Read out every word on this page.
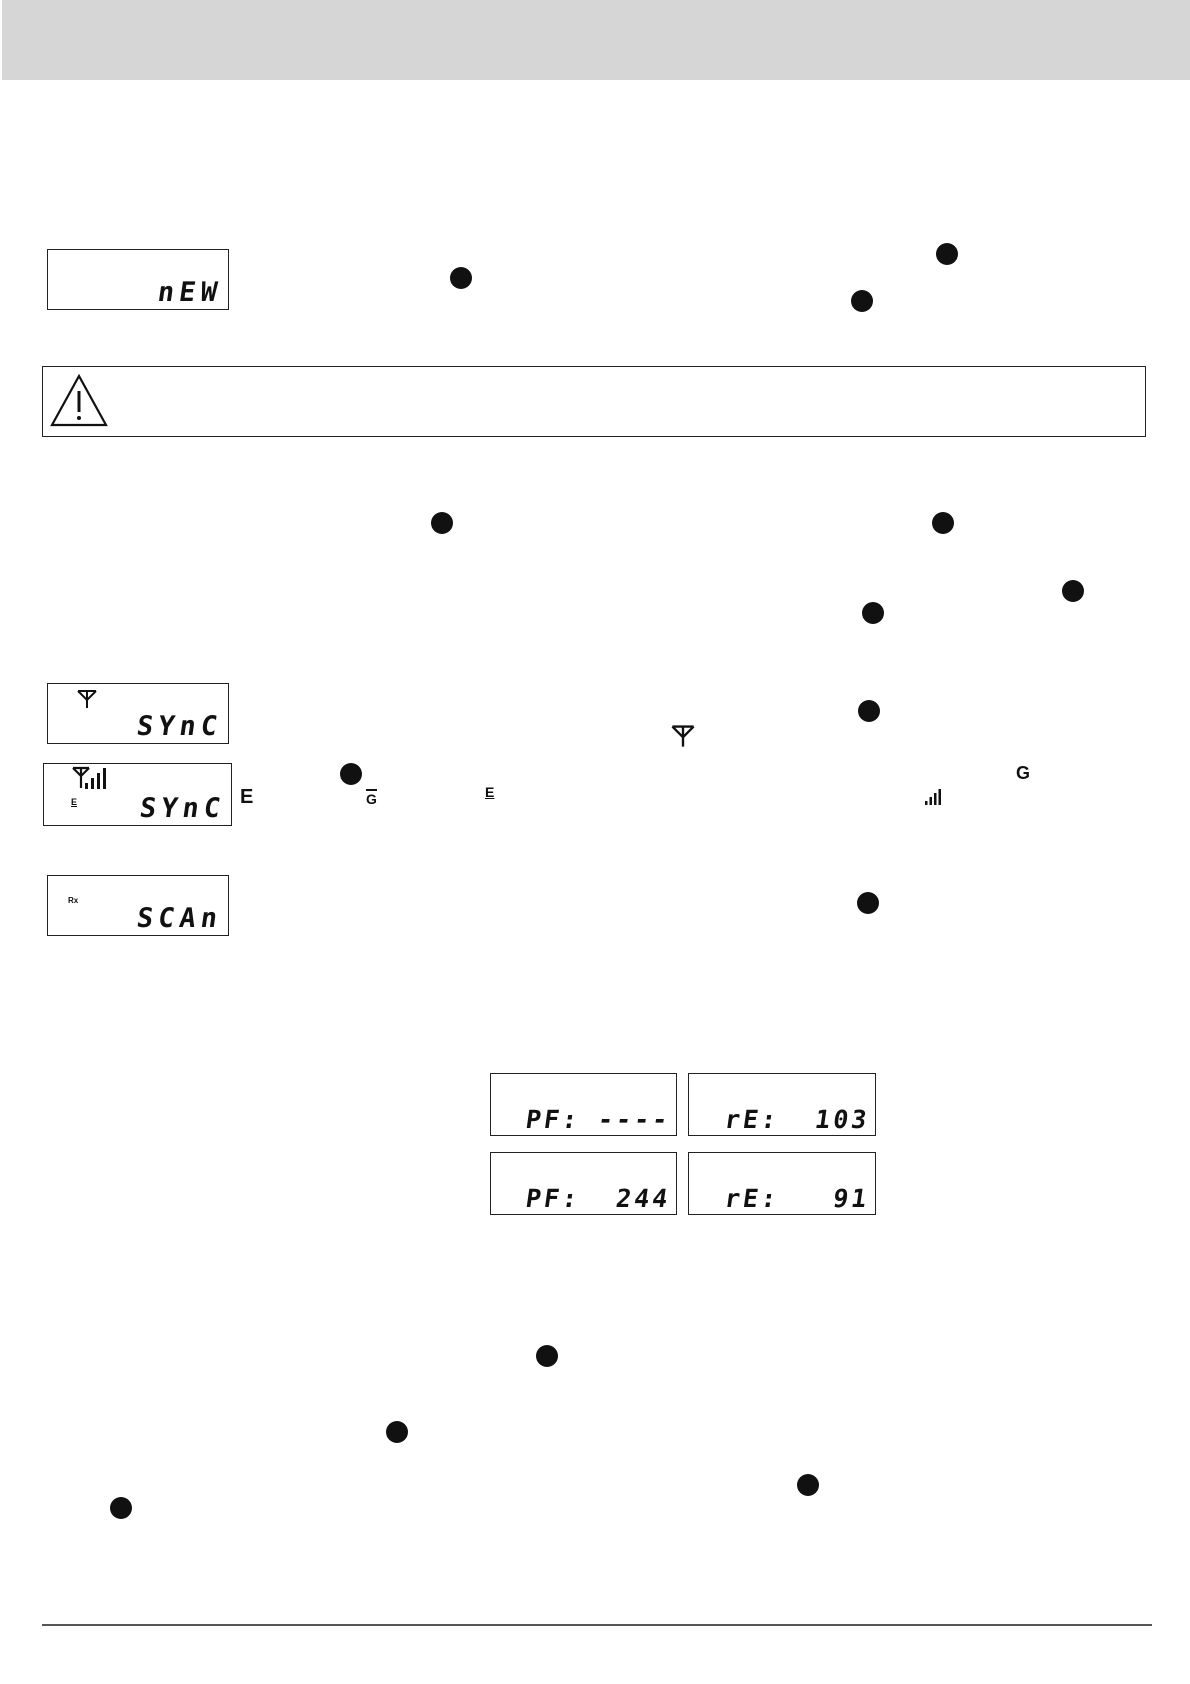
nEW
SYnC
E SYnC
G
E	G	E
Rx
SCAn
PF: ---- rE:  103
PF:  244 rE:   91
